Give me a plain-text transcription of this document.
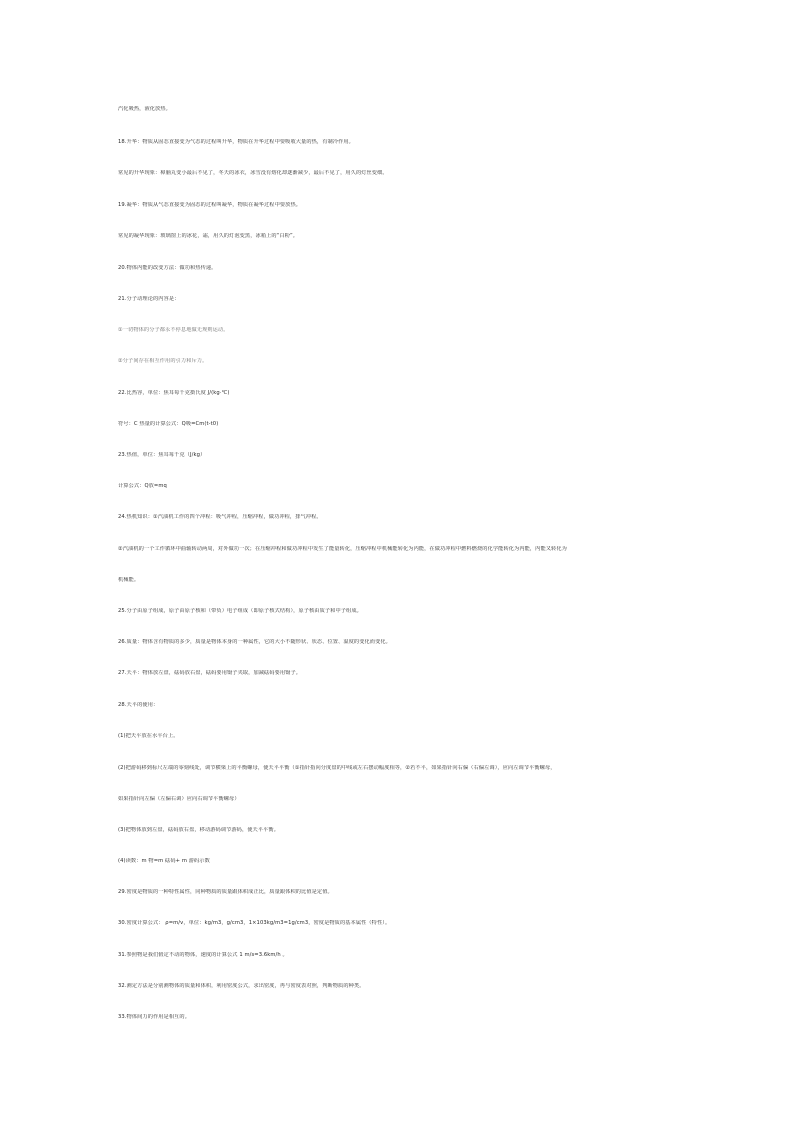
汽化吸热，液化放热。
18.升华：物质从固态直接变为气态的过程叫升华，物质在升华过程中要吸收大量的热，有制冷作用。
常见的升华现象：樟脑丸变小最后不见了，冬天的冰衣，冰雪没有熔化却逐渐减少，最后不见了，用久的灯丝变细。
19.凝华：物质从气态直接变为固态的过程叫凝华，物质在凝华过程中要放热。
常见的凝华现象：玻璃窗上的冰花，霜，用久的灯泡变黑，冰箱上的“白粉”。
20.物体内能的改变方法：做功和热传递。
21.分子动理论的内容是：
①一切物体的分子都永不停息地做无规则运动。
②分子间存在相互作用的引力和斥力。
22.比热容，单位：焦耳每千克摄氏度 J/(kg·℃)
符号：C 热量的计算公式：Q吸=Cm(t-t0)
23.热值，单位：焦耳每千克（J/kg）
计算公式：Q放=mq
24.热机知识：①汽油机工作的四个冲程：吸气冲程，压缩冲程，做功冲程，排气冲程。
②汽油机的一个工作循环中曲轴转动两周，对外做功一次；在压缩冲程和做功冲程中发生了能量转化，压缩冲程中机械能转化为内能，在做功冲程中燃料燃烧的化学能转化为内能，内能又转化为
机械能。
25.分子由原子组成，原子由原子核和（带负）电子组成（即原子核式结构），原子核由质子和中子组成。
26.质量：物体含有物质的多少，质量是物体本身的一种属性，它的大小不随形状、状态、位置、温度的变化而变化。
27.天平：物体放左盘，砝码放右盘，砝码要用镊子夹取，加减砝码要用镊子。
28.天平的使用：
(1)把天平放在水平台上。
(2)把游码移到标尺左端的零刻线处，调节横梁上的平衡螺母，使天平平衡（①指针指向分度盘的中线或左右摆动幅度相等，②若不平，如果指针向右偏（右偏左调），应向左调节平衡螺母，
如果指针向左偏（左偏右调）应向右调节平衡螺母）
(3)把物体放到左盘，砝码放右盘，移动游码调节游码，使天平平衡。
(4)读数：m 物=m 砝码+ m 游码示数
29.密度是物质的一种特性属性，同种物质的质量跟体积成正比，质量跟体积的比值是定值。
30.密度计算公式： ρ=m/v，单位：kg/m3，g/cm3，1×103kg/m3=1g/cm3，密度是物质的基本属性（特性）。
31.参照物是我们假定不动的物体，速度的计算公式 1 m/s=3.6km/h 。
32.测定方法是分别测物体的质量和体积，利用密度公式，求出密度，再与密度表对照，判断物质的种类。
33.物体间力的作用是相互的。
